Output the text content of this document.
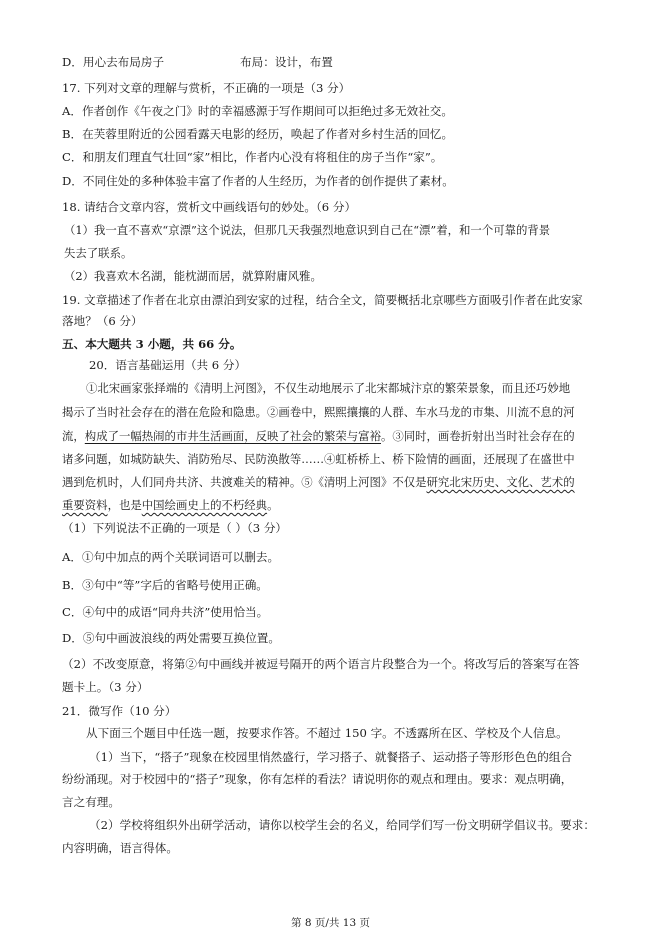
D．用心去布局房子	布局：设计，布置
17. 下列对文章的理解与赏析，不正确的一项是（3 分）
A．作者创作《午夜之门》时的幸福感源于写作期间可以拒绝过多无效社交。
B．在芙蓉里附近的公园看露天电影的经历，唤起了作者对乡村生活的回忆。
C．和朋友们理直气壮回“家”相比，作者内心没有将租住的房子当作“家”。
D．不同住处的多种体验丰富了作者的人生经历，为作者的创作提供了素材。
18. 请结合文章内容，赏析文中画线语句的妙处。（6 分）
（1）我一直不喜欢“京漂”这个说法，但那几天我强烈地意识到自己在“漂”着，和一个可靠的背景
失去了联系。
（2）我喜欢木名湖，能枕湖而居，就算附庸风雅。
19. 文章描述了作者在北京由漂泊到安家的过程，结合全文，简要概括北京哪些方面吸引作者在此安家
落地？（6 分）
五、本大题共 3 小题，共 66 分。
20．语言基础运用（共 6 分）
①北宋画家张择端的《清明上河图》，不仅生动地展示了北宋都城汴京的繁荣景象，而且还巧妙地
揭示了当时社会存在的潜在危险和隐患。②画卷中，熙熙攘攘的人群、车水马龙的市集、川流不息的河
流，构成了一幅热闹的市井生活画面，反映了社会的繁荣与富裕。③同时，画卷折射出当时社会存在的
诸多问题，如城防缺失、消防殆尽、民防涣散等……④虹桥桥上、桥下险情的画面，还展现了在盛世中
遇到危机时，人们同舟共济、共渡难关的精神。⑤《清明上河图》不仅是研究北宋历史、文化、艺术的
重要资料，也是中国绘画史上的不朽经典。
（1）下列说法不正确的一项是（ ）（3 分）
A．①句中加点的两个关联词语可以删去。
B．③句中“等”字后的省略号使用正确。
C．④句中的成语“同舟共济”使用恰当。
D．⑤句中画波浪线的两处需要互换位置。
（2）不改变原意，将第②句中画线并被逗号隔开的两个语言片段整合为一个。将改写后的答案写在答
题卡上。（3 分）
21．微写作（10 分）
从下面三个题目中任选一题，按要求作答。不超过 150 字。不透露所在区、学校及个人信息。
（1）当下，“搭子”现象在校园里悄然盛行，学习搭子、就餐搭子、运动搭子等形形色色的组合
纷纷涌现。对于校园中的“搭子”现象，你有怎样的看法？请说明你的观点和理由。要求：观点明确，
言之有理。
（2）学校将组织外出研学活动，请你以校学生会的名义，给同学们写一份文明研学倡议书。要求：
内容明确，语言得体。
第 8 页/共 13 页
